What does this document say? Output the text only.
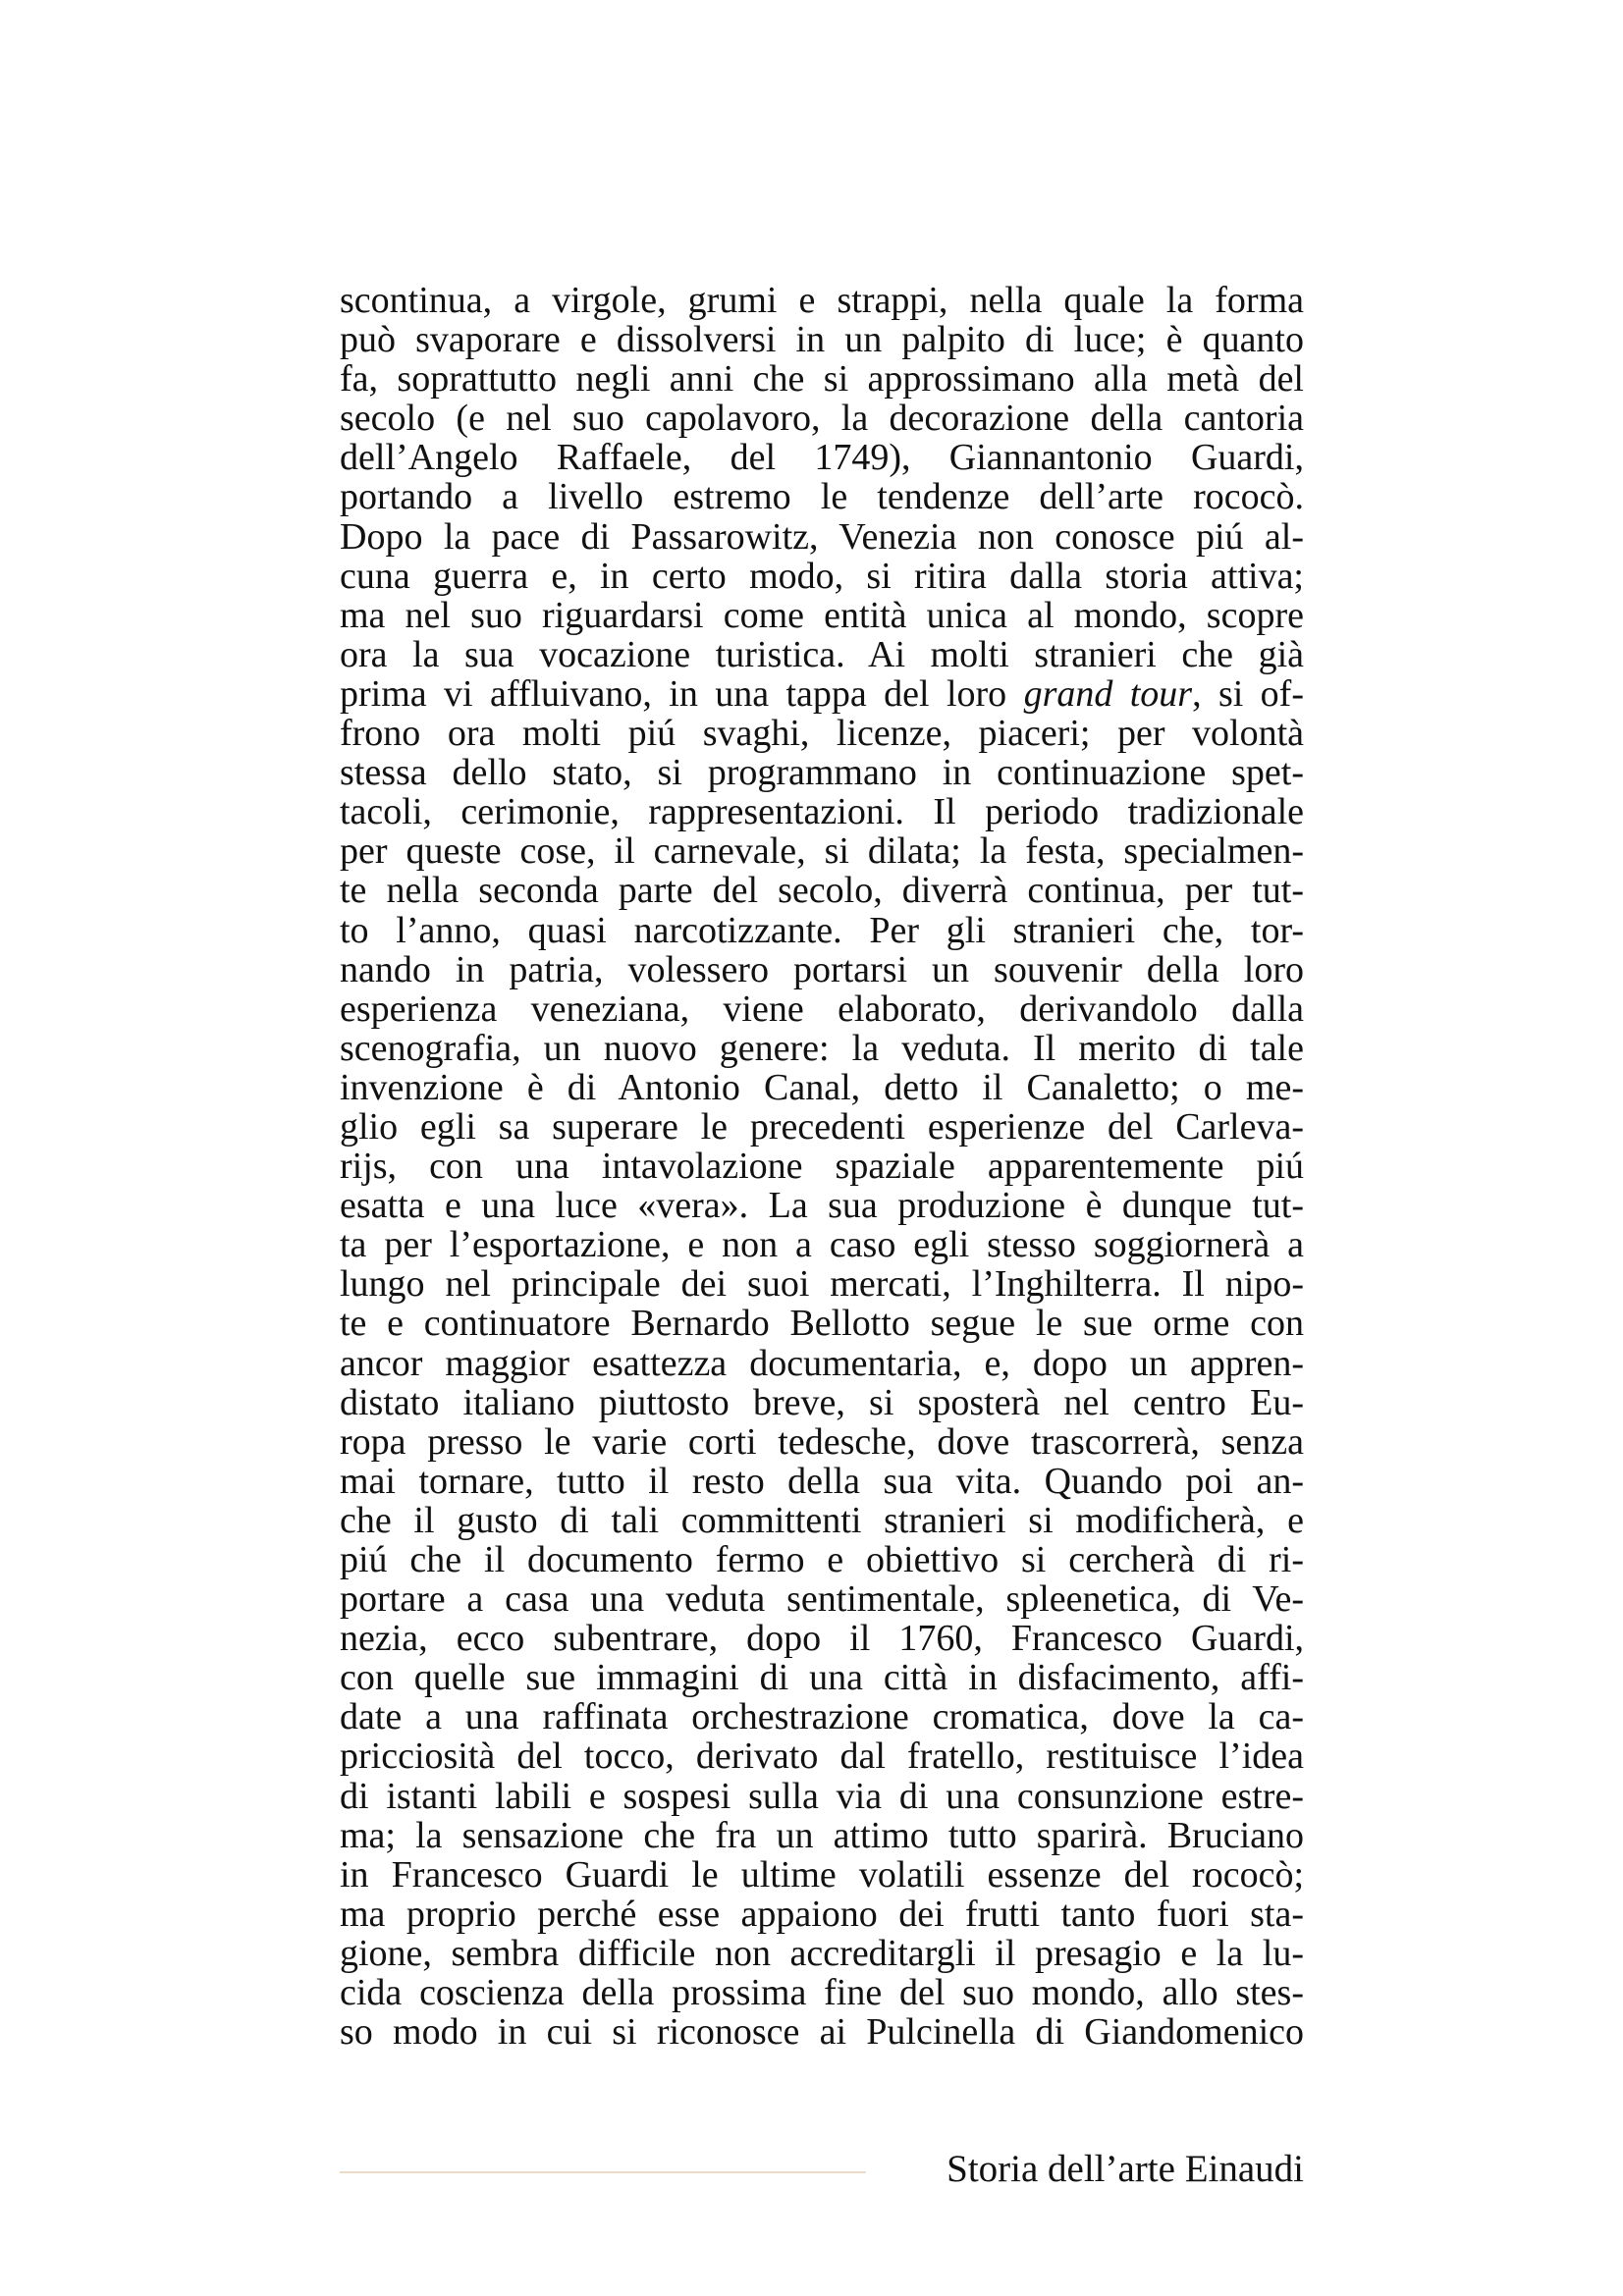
scontinua, a virgole, grumi e strappi, nella quale la forma
può svaporare e dissolversi in un palpito di luce; è quanto
fa, soprattutto negli anni che si approssimano alla metà del
secolo (e nel suo capolavoro, la decorazione della cantoria
dell’Angelo Raffaele, del 1749), Giannantonio Guardi,
portando a livello estremo le tendenze dell’arte rococò.
Dopo la pace di Passarowitz, Venezia non conosce piú al-
cuna guerra e, in certo modo, si ritira dalla storia attiva;
ma nel suo riguardarsi come entità unica al mondo, scopre
ora la sua vocazione turistica. Ai molti stranieri che già
prima vi affluivano, in una tappa del loro grand tour, si of-
frono ora molti piú svaghi, licenze, piaceri; per volontà
stessa dello stato, si programmano in continuazione spet-
tacoli, cerimonie, rappresentazioni. Il periodo tradizionale
per queste cose, il carnevale, si dilata; la festa, specialmen-
te nella seconda parte del secolo, diverrà continua, per tut-
to l’anno, quasi narcotizzante. Per gli stranieri che, tor-
nando in patria, volessero portarsi un souvenir della loro
esperienza veneziana, viene elaborato, derivandolo dalla
scenografia, un nuovo genere: la veduta. Il merito di tale
invenzione è di Antonio Canal, detto il Canaletto; o me-
glio egli sa superare le precedenti esperienze del Carleva-
rijs, con una intavolazione spaziale apparentemente piú
esatta e una luce «vera». La sua produzione è dunque tut-
ta per l’esportazione, e non a caso egli stesso soggiornerà a
lungo nel principale dei suoi mercati, l’Inghilterra. Il nipo-
te e continuatore Bernardo Bellotto segue le sue orme con
ancor maggior esattezza documentaria, e, dopo un appren-
distato italiano piuttosto breve, si sposterà nel centro Eu-
ropa presso le varie corti tedesche, dove trascorrerà, senza
mai tornare, tutto il resto della sua vita. Quando poi an-
che il gusto di tali committenti stranieri si modificherà, e
piú che il documento fermo e obiettivo si cercherà di ri-
portare a casa una veduta sentimentale, spleenetica, di Ve-
nezia, ecco subentrare, dopo il 1760, Francesco Guardi,
con quelle sue immagini di una città in disfacimento, affi-
date a una raffinata orchestrazione cromatica, dove la ca-
pricciosità del tocco, derivato dal fratello, restituisce l’idea
di istanti labili e sospesi sulla via di una consunzione estre-
ma; la sensazione che fra un attimo tutto sparirà. Bruciano
in Francesco Guardi le ultime volatili essenze del rococò;
ma proprio perché esse appaiono dei frutti tanto fuori sta-
gione, sembra difficile non accreditargli il presagio e la lu-
cida coscienza della prossima fine del suo mondo, allo stes-
so modo in cui si riconosce ai Pulcinella di Giandomenico
Storia dell’arte Einaudi
